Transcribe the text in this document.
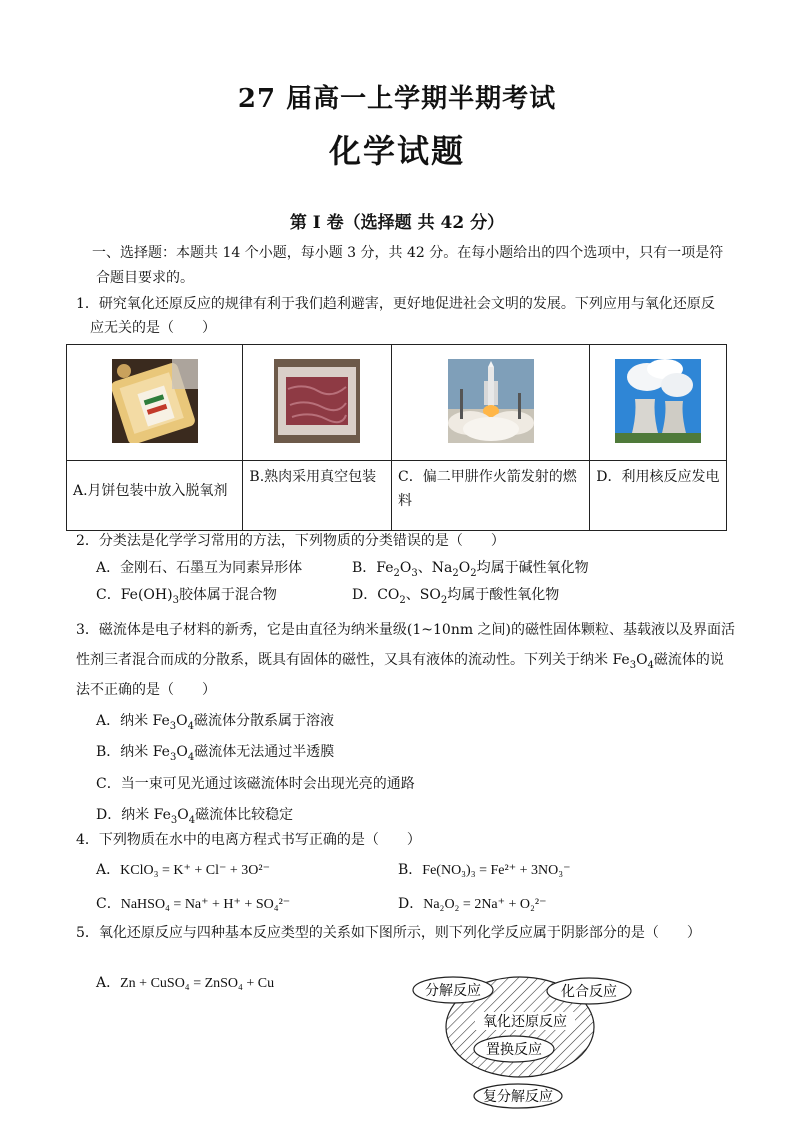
27 届高一上学期半期考试
化学试题
第 I 卷（选择题 共 42 分）
一、选择题：本题共 14 个小题，每小题 3 分，共 42 分。在每小题给出的四个选项中，只有一项是符
合题目要求的。
1．研究氧化还原反应的规律有利于我们趋利避害，更好地促进社会文明的发展。下列应用与氧化还原反
应无关的是（　　）

A.月饼包装中放入脱氧剂	B.熟肉采用真空包装	C．偏二甲肼作火箭发射的燃
料	D．利用核反应发电
2．分类法是化学学习常用的方法，下列物质的分类错误的是（　　）
A．金刚石、石墨互为同素异形体	B．$Fe_2O_3$、$Na_2O_2$均属于碱性氧化物
C．$Fe(OH)_3$胶体属于混合物	D．$CO_2$、$SO_2$均属于酸性氧化物
3．磁流体是电子材料的新秀，它是由直径为纳米量级(1~10nm 之间)的磁性固体颗粒、基载液以及界面活
性剂三者混合而成的分散系，既具有固体的磁性，又具有液体的流动性。下列关于纳米 $Fe_3O_4$磁流体的说
法不正确的是（　　）
A．纳米 $Fe_3O_4$磁流体分散系属于溶液
B．纳米 $Fe_3O_4$磁流体无法通过半透膜
C．当一束可见光通过该磁流体时会出现光亮的通路
D．纳米 $Fe_3O_4$磁流体比较稳定
4．下列物质在水中的电离方程式书写正确的是（　　）
A．KClO₃ = K⁺ + Cl⁻ + 3O²⁻	B．Fe(NO₃)₃ = Fe²⁺ + 3NO₃⁻
C．NaHSO₄ = Na⁺ + H⁺ + SO₄²⁻	D．Na₂O₂ = 2Na⁺ + O₂²⁻
5．氧化还原反应与四种基本反应类型的关系如下图所示，则下列化学反应属于阴影部分的是（　　）
A．Zn + CuSO₄ = ZnSO₄ + Cu	分解反应	化合反应
氧化还原反应
置换反应
复分解反应
